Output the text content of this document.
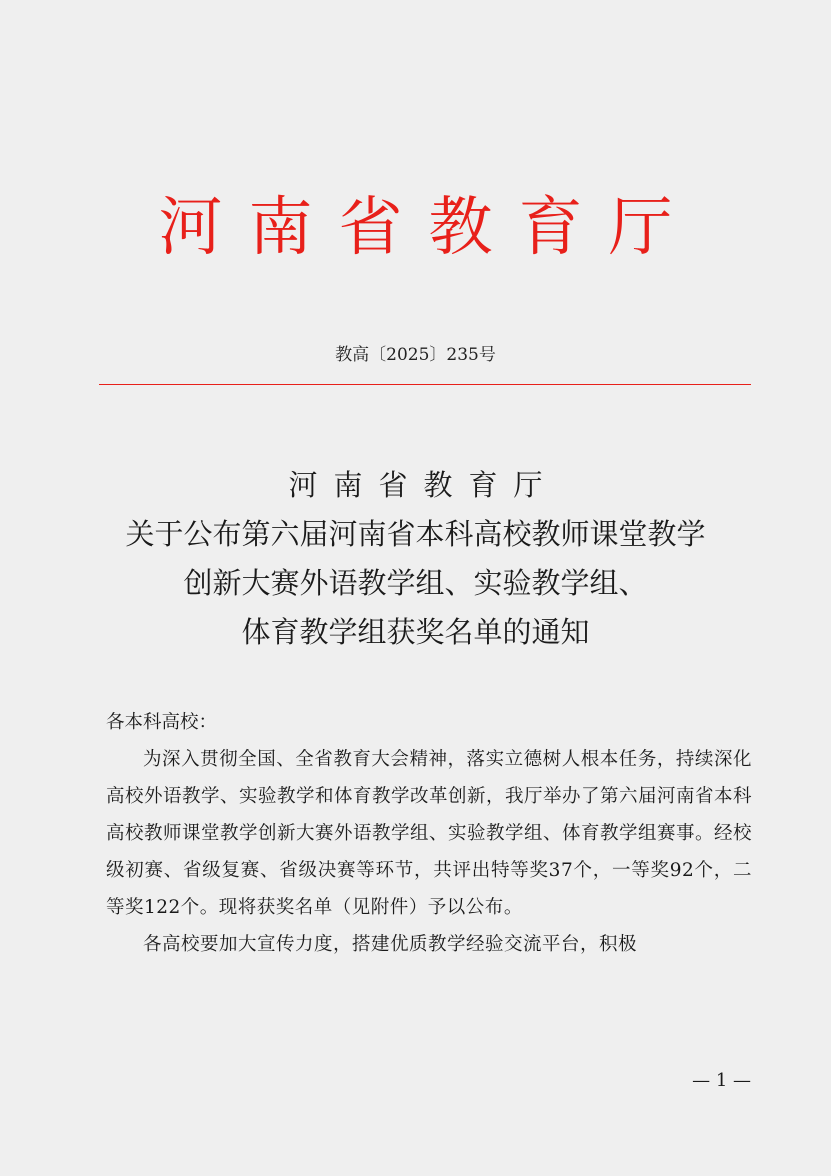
河南省教育厅
教高〔2025〕235号
河南省教育厅
关于公布第六届河南省本科高校教师课堂教学
创新大赛外语教学组、实验教学组、
体育教学组获奖名单的通知

各本科高校：

为深入贯彻全国、全省教育大会精神，落实立德树人根本任务，持续深化高校外语教学、实验教学和体育教学改革创新，我厅举办了第六届河南省本科高校教师课堂教学创新大赛外语教学组、实验教学组、体育教学组赛事。经校级初赛、省级复赛、省级决赛等环节，共评出特等奖37个，一等奖92个，二等奖122个。现将获奖名单（见附件）予以公布。

各高校要加大宣传力度，搭建优质教学经验交流平台，积极

— 1 —
